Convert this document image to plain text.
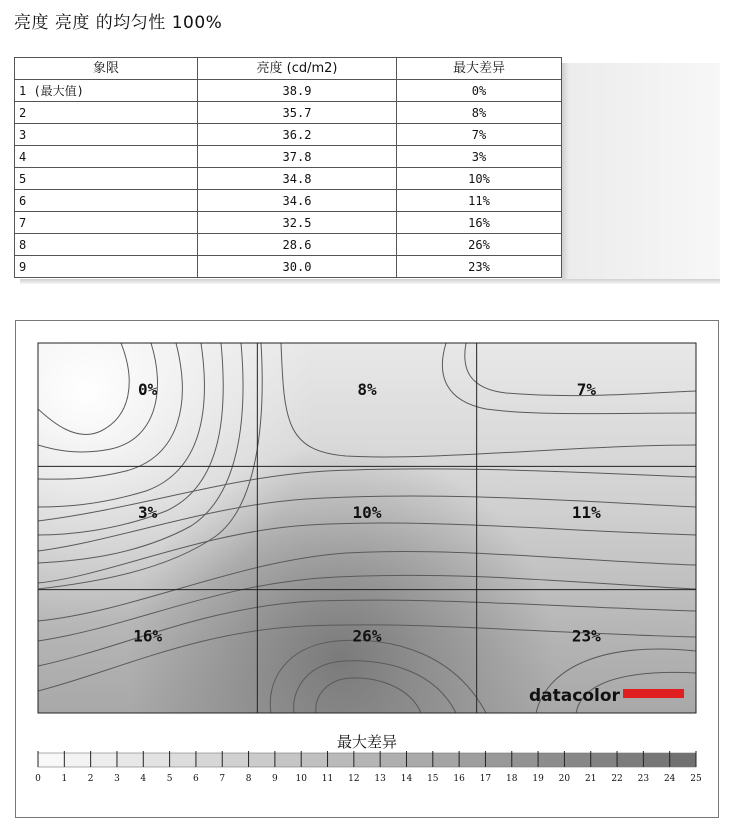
亮度 亮度 的均匀性 100%
象限	亮度 (cd/m2)	最大差异
1 (最大值)	38.9	0%
2	35.7	8%
3	36.2	7%
4	37.8	3%
5	34.8	10%
6	34.6	11%
7	32.5	16%
8	28.6	26%
9	30.0	23%
0%	8%	7%
3%	10%	11%
16%	26%	23%
datacolor
最大差异
0 1 2 3 4 5 6 7 8 9 10 11 12 13 14 15 16 17 18 19 20 21 22 23 24 25
